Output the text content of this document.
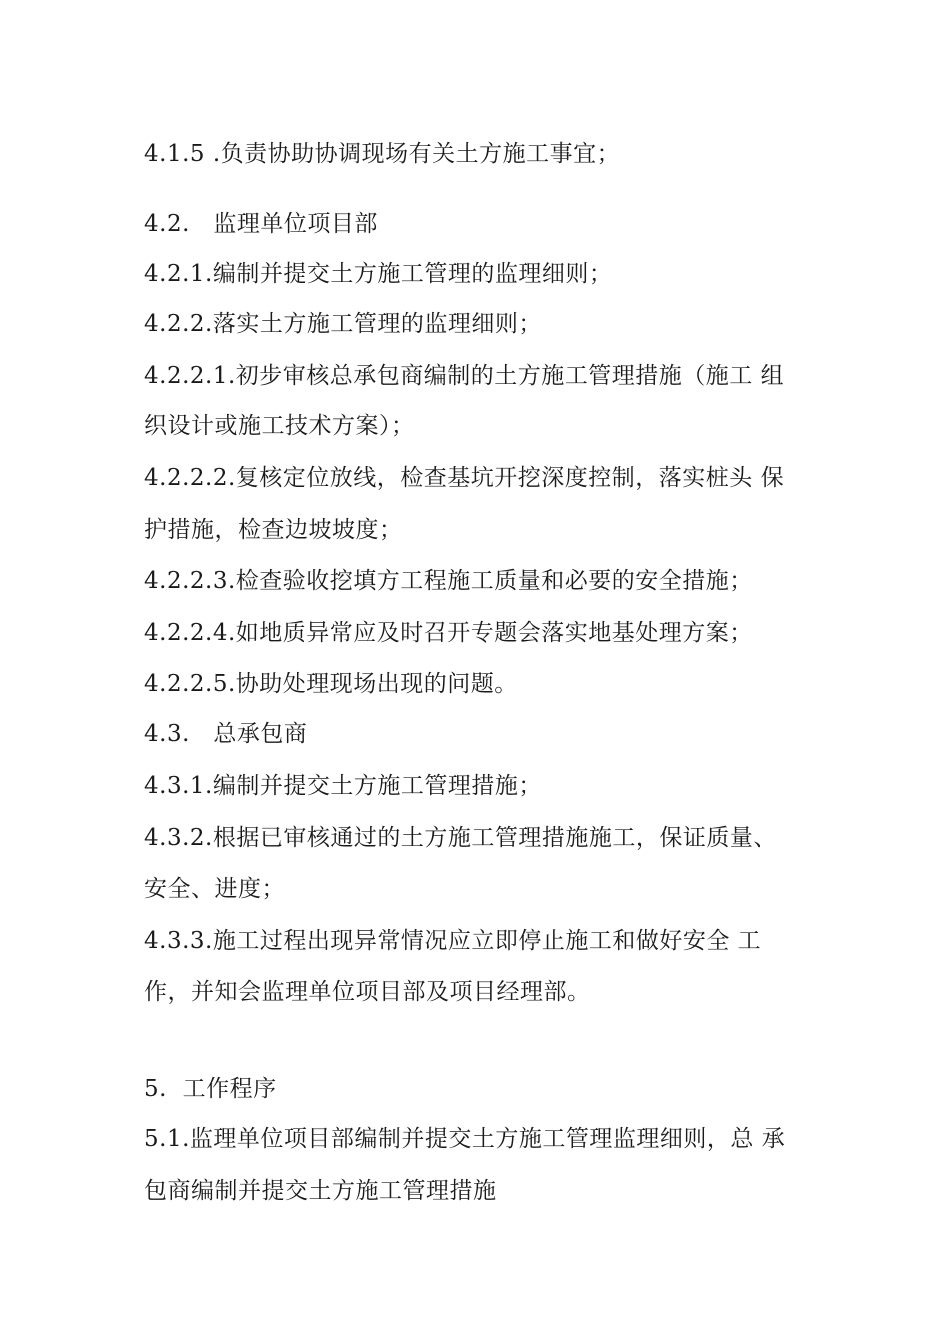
4.1.5 .负责协助协调现场有关土方施工事宜；
4.2.   监理单位项目部
4.2.1.编制并提交土方施工管理的监理细则；
4.2.2.落实土方施工管理的监理细则；
4.2.2.1.初步审核总承包商编制的土方施工管理措施（施工 组
织设计或施工技术方案）；
4.2.2.2.复核定位放线，检查基坑开挖深度控制，落实桩头 保
护措施，检查边坡坡度；
4.2.2.3.检查验收挖填方工程施工质量和必要的安全措施；
4.2.2.4.如地质异常应及时召开专题会落实地基处理方案；
4.2.2.5.协助处理现场出现的问题。
4.3.   总承包商
4.3.1.编制并提交土方施工管理措施；
4.3.2.根据已审核通过的土方施工管理措施施工，保证质量、
安全、进度；
4.3.3.施工过程出现异常情况应立即停止施工和做好安全 工
作，并知会监理单位项目部及项目经理部。
5.  工作程序
5.1.监理单位项目部编制并提交土方施工管理监理细则，总 承
包商编制并提交土方施工管理措施
